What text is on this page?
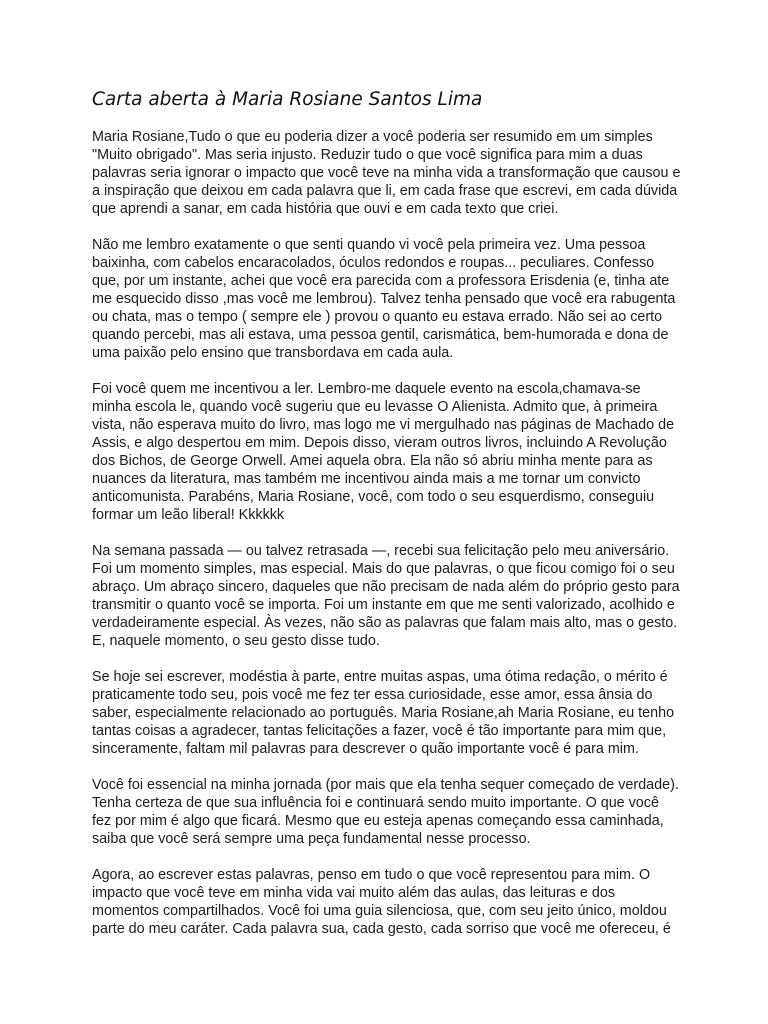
Carta aberta à Maria Rosiane Santos Lima

Maria Rosiane,Tudo o que eu poderia dizer a você poderia ser resumido em um simples
"Muito obrigado". Mas seria injusto. Reduzir tudo o que você significa para mim a duas
palavras seria ignorar o impacto que você teve na minha vida a transformação que causou e
a inspiração que deixou em cada palavra que li, em cada frase que escrevi, em cada dúvida
que aprendi a sanar, em cada história que ouvi e em cada texto que criei.

Não me lembro exatamente o que senti quando vi você pela primeira vez. Uma pessoa
baixinha, com cabelos encaracolados, óculos redondos e roupas... peculiares. Confesso
que, por um instante, achei que você era parecida com a professora Erisdenia (e, tinha ate
me esquecido disso ,mas você me lembrou). Talvez tenha pensado que você era rabugenta
ou chata, mas o tempo ( sempre ele ) provou o quanto eu estava errado. Não sei ao certo
quando percebi, mas ali estava, uma pessoa gentil, carismática, bem-humorada e dona de
uma paixão pelo ensino que transbordava em cada aula.

Foi você quem me incentivou a ler. Lembro-me daquele evento na escola,chamava-se
minha escola le, quando você sugeriu que eu levasse O Alienista. Admito que, à primeira
vista, não esperava muito do livro, mas logo me vi mergulhado nas páginas de Machado de
Assis, e algo despertou em mim. Depois disso, vieram outros livros, incluindo A Revolução
dos Bichos, de George Orwell. Amei aquela obra. Ela não só abriu minha mente para as
nuances da literatura, mas também me incentivou ainda mais a me tornar um convicto
anticomunista. Parabéns, Maria Rosiane, você, com todo o seu esquerdismo, conseguiu
formar um leão liberal! Kkkkkk

Na semana passada — ou talvez retrasada —, recebi sua felicitação pelo meu aniversário.
Foi um momento simples, mas especial. Mais do que palavras, o que ficou comigo foi o seu
abraço. Um abraço sincero, daqueles que não precisam de nada além do próprio gesto para
transmitir o quanto você se importa. Foi um instante em que me senti valorizado, acolhido e
verdadeiramente especial. Às vezes, não são as palavras que falam mais alto, mas o gesto.
E, naquele momento, o seu gesto disse tudo.

Se hoje sei escrever, modéstia à parte, entre muitas aspas, uma ótima redação, o mérito é
praticamente todo seu, pois você me fez ter essa curiosidade, esse amor, essa ânsia do
saber, especialmente relacionado ao português. Maria Rosiane,ah Maria Rosiane, eu tenho
tantas coisas a agradecer, tantas felicitações a fazer, você é tão importante para mim que,
sinceramente, faltam mil palavras para descrever o quão importante você é para mim.

Você foi essencial na minha jornada (por mais que ela tenha sequer começado de verdade).
Tenha certeza de que sua influência foi e continuará sendo muito importante. O que você
fez por mim é algo que ficará. Mesmo que eu esteja apenas começando essa caminhada,
saiba que você será sempre uma peça fundamental nesse processo.

Agora, ao escrever estas palavras, penso em tudo o que você representou para mim. O
impacto que você teve em minha vida vai muito além das aulas, das leituras e dos
momentos compartilhados. Você foi uma guia silenciosa, que, com seu jeito único, moldou
parte do meu caráter. Cada palavra sua, cada gesto, cada sorriso que você me ofereceu, é
